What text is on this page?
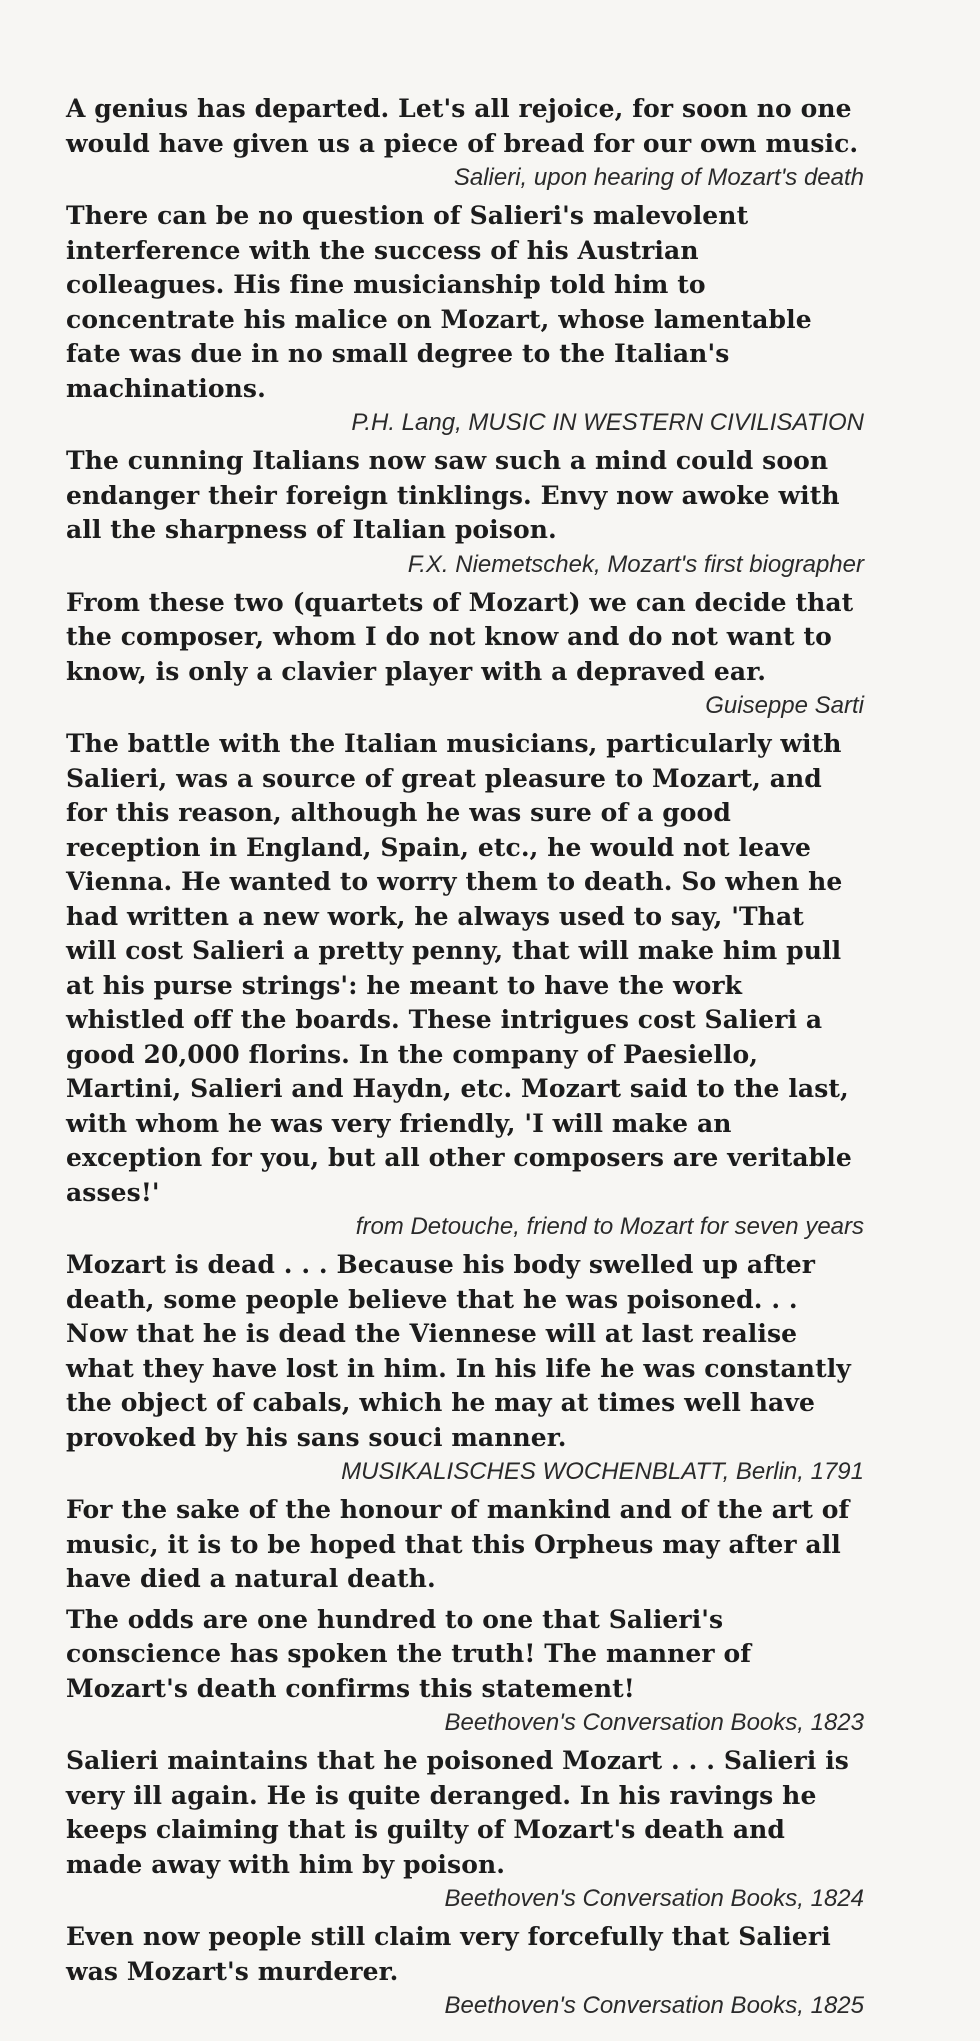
A genius has departed. Let's all rejoice, for soon no one
would have given us a piece of bread for our own music.

Salieri, upon hearing of Mozart's death

There can be no question of Salieri's malevolent
interference with the success of his Austrian
colleagues. His fine musicianship told him to
concentrate his malice on Mozart, whose lamentable
fate was due in no small degree to the Italian's
machinations.

P.H. Lang, MUSIC IN WESTERN CIVILISATION

The cunning Italians now saw such a mind could soon
endanger their foreign tinklings. Envy now awoke with
all the sharpness of Italian poison.

F.X. Niemetschek, Mozart's first biographer

From these two (quartets of Mozart) we can decide that
the composer, whom I do not know and do not want to
know, is only a clavier player with a depraved ear.

Guiseppe Sarti

The battle with the Italian musicians, particularly with
Salieri, was a source of great pleasure to Mozart, and
for this reason, although he was sure of a good
reception in England, Spain, etc., he would not leave
Vienna. He wanted to worry them to death. So when he
had written a new work, he always used to say, 'That
will cost Salieri a pretty penny, that will make him pull
at his purse strings': he meant to have the work
whistled off the boards. These intrigues cost Salieri a
good 20,000 florins. In the company of Paesiello,
Martini, Salieri and Haydn, etc. Mozart said to the last,
with whom he was very friendly, 'I will make an
exception for you, but all other composers are veritable
asses!'

from Detouche, friend to Mozart for seven years

Mozart is dead . . . Because his body swelled up after
death, some people believe that he was poisoned. . .
Now that he is dead the Viennese will at last realise
what they have lost in him. In his life he was constantly
the object of cabals, which he may at times well have
provoked by his sans souci manner.

MUSIKALISCHES WOCHENBLATT, Berlin, 1791

For the sake of the honour of mankind and of the art of
music, it is to be hoped that this Orpheus may after all
have died a natural death.

The odds are one hundred to one that Salieri's
conscience has spoken the truth! The manner of
Mozart's death confirms this statement!

Beethoven's Conversation Books, 1823

Salieri maintains that he poisoned Mozart . . . Salieri is
very ill again. He is quite deranged. In his ravings he
keeps claiming that is guilty of Mozart's death and
made away with him by poison.

Beethoven's Conversation Books, 1824

Even now people still claim very forcefully that Salieri
was Mozart's murderer.

Beethoven's Conversation Books, 1825
